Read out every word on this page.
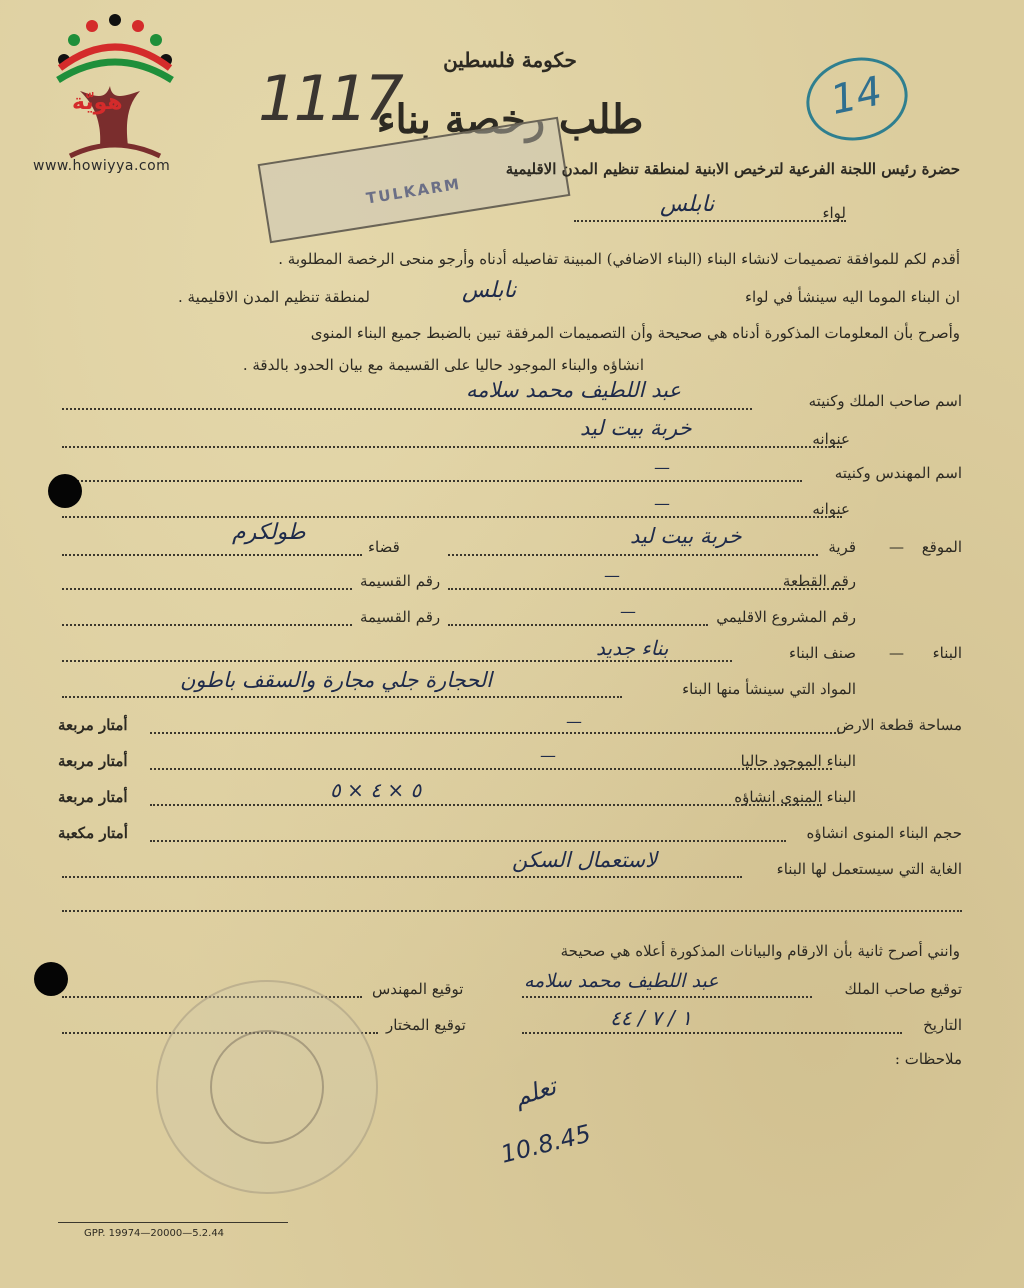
هويّة
www.howiyya.com
حكومة فلسطين
طلب رخصة بناء
1117	14
TULKARM
حضرة رئيس اللجنة الفرعية لترخيص الابنية لمنطقة تنظيم المدن الاقليمية
لواء
نابلس
أقدم لكم للموافقة تصميمات لانشاء البناء (البناء الاضافي) المبينة تفاصيله أدناه وأرجو منحى الرخصة المطلوبة .
ان البناء الموما اليه سينشأ في لواء
نابلس
لمنطقة تنظيم المدن الاقليمية .
وأصرح بأن المعلومات المذكورة أدناه هي صحيحة وأن التصميمات المرفقة تبين بالضبط جميع البناء المنوى
انشاؤه والبناء الموجود حاليا على القسيمة مع بيان الحدود بالدقة .
اسم صاحب الملك وكنيته
عبد اللطيف محمد سلامه
عنوانه
خربة بيت ليد
اسم المهندس وكنيته
—
عنوانه
—
الموقع
—
قرية
خربة بيت ليد
قضاء
طولكرم
رقم القطعة
—
رقم القسيمة
رقم المشروع الاقليمي
—
رقم القسيمة
البناء
—
صنف البناء
بناء جديد
المواد التي سينشأ منها البناء
الحجارة جلي مجارة والسقف باطون
مساحة قطعة الارض
—
أمتار مربعة
البناء الموجود حاليا
—
أمتار مربعة
البناء المنوى انشاؤه
٥ × ٤ × ٥
أمتار مربعة
حجم البناء المنوى انشاؤه
أمتار مكعبة
الغاية التي سيستعمل لها البناء
لاستعمال السكن
وانني أصرح ثانية بأن الارقام والبيانات المذكورة أعلاه هي صحيحة
توقيع صاحب الملك
عبد اللطيف محمد سلامه
توقيع المهندس
التاريخ
١ / ٧ / ٤٤
توقيع المختار
ملاحظات :
تعلم
10.8.45
GPP. 19974—20000—5.2.44
